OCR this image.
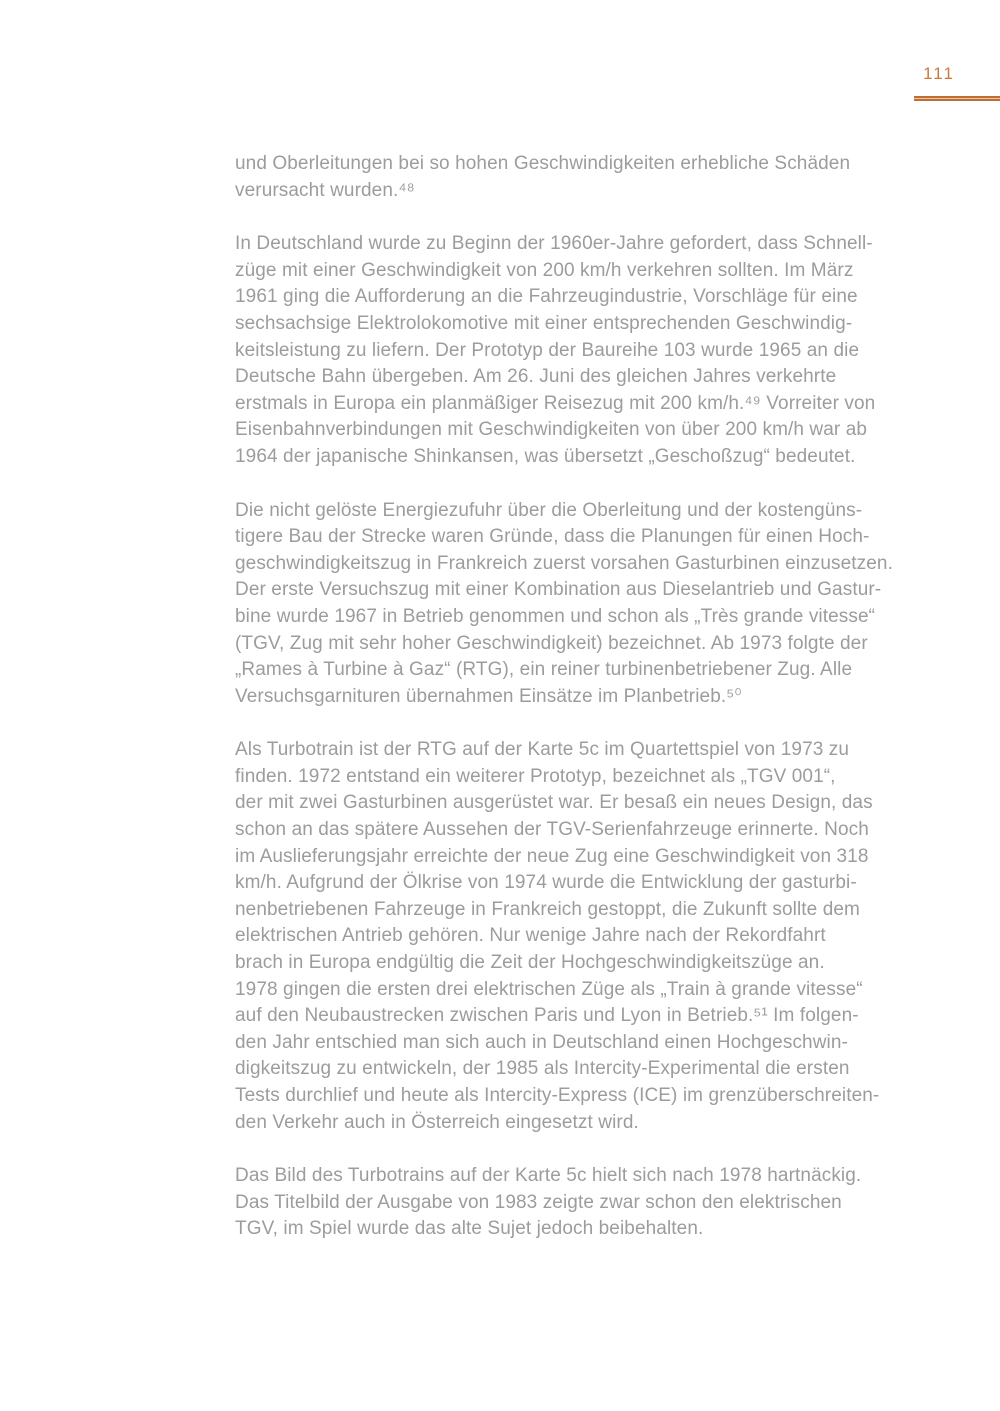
111

und Oberleitungen bei so hohen Geschwindigkeiten erhebliche Schäden
verursacht wurden.⁴⁸

In Deutschland wurde zu Beginn der 1960er-Jahre gefordert, dass Schnell-
züge mit einer Geschwindigkeit von 200 km/h verkehren sollten. Im März
1961 ging die Aufforderung an die Fahrzeugindustrie, Vorschläge für eine
sechsachsige Elektrolokomotive mit einer entsprechenden Geschwindig-
keitsleistung zu liefern. Der Prototyp der Baureihe 103 wurde 1965 an die
Deutsche Bahn übergeben. Am 26. Juni des gleichen Jahres verkehrte
erstmals in Europa ein planmäßiger Reisezug mit 200 km/h.⁴⁹ Vorreiter von
Eisenbahnverbindungen mit Geschwindigkeiten von über 200 km/h war ab
1964 der japanische Shinkansen, was übersetzt „Geschoßzug“ bedeutet.

Die nicht gelöste Energiezufuhr über die Oberleitung und der kostengüns-
tigere Bau der Strecke waren Gründe, dass die Planungen für einen Hoch-
geschwindigkeitszug in Frankreich zuerst vorsahen Gasturbinen einzusetzen.
Der erste Versuchszug mit einer Kombination aus Dieselantrieb und Gastur-
bine wurde 1967 in Betrieb genommen und schon als „Très grande vitesse“
(TGV, Zug mit sehr hoher Geschwindigkeit) bezeichnet. Ab 1973 folgte der
„Rames à Turbine à Gaz“ (RTG), ein reiner turbinenbetriebener Zug. Alle
Versuchsgarnituren übernahmen Einsätze im Planbetrieb.⁵⁰

Als Turbotrain ist der RTG auf der Karte 5c im Quartettspiel von 1973 zu
finden. 1972 entstand ein weiterer Prototyp, bezeichnet als „TGV 001“,
der mit zwei Gasturbinen ausgerüstet war. Er besaß ein neues Design, das
schon an das spätere Aussehen der TGV-Serienfahrzeuge erinnerte. Noch
im Auslieferungsjahr erreichte der neue Zug eine Geschwindigkeit von 318
km/h. Aufgrund der Ölkrise von 1974 wurde die Entwicklung der gasturbi-
nenbetriebenen Fahrzeuge in Frankreich gestoppt, die Zukunft sollte dem
elektrischen Antrieb gehören. Nur wenige Jahre nach der Rekordfahrt
brach in Europa endgültig die Zeit der Hochgeschwindigkeitszüge an.
1978 gingen die ersten drei elektrischen Züge als „Train à grande vitesse“
auf den Neubaustrecken zwischen Paris und Lyon in Betrieb.⁵¹ Im folgen-
den Jahr entschied man sich auch in Deutschland einen Hochgeschwin-
digkeitszug zu entwickeln, der 1985 als Intercity-Experimental die ersten
Tests durchlief und heute als Intercity-Express (ICE) im grenzüberschreiten-
den Verkehr auch in Österreich eingesetzt wird.

Das Bild des Turbotrains auf der Karte 5c hielt sich nach 1978 hartnäckig.
Das Titelbild der Ausgabe von 1983 zeigte zwar schon den elektrischen
TGV, im Spiel wurde das alte Sujet jedoch beibehalten.
